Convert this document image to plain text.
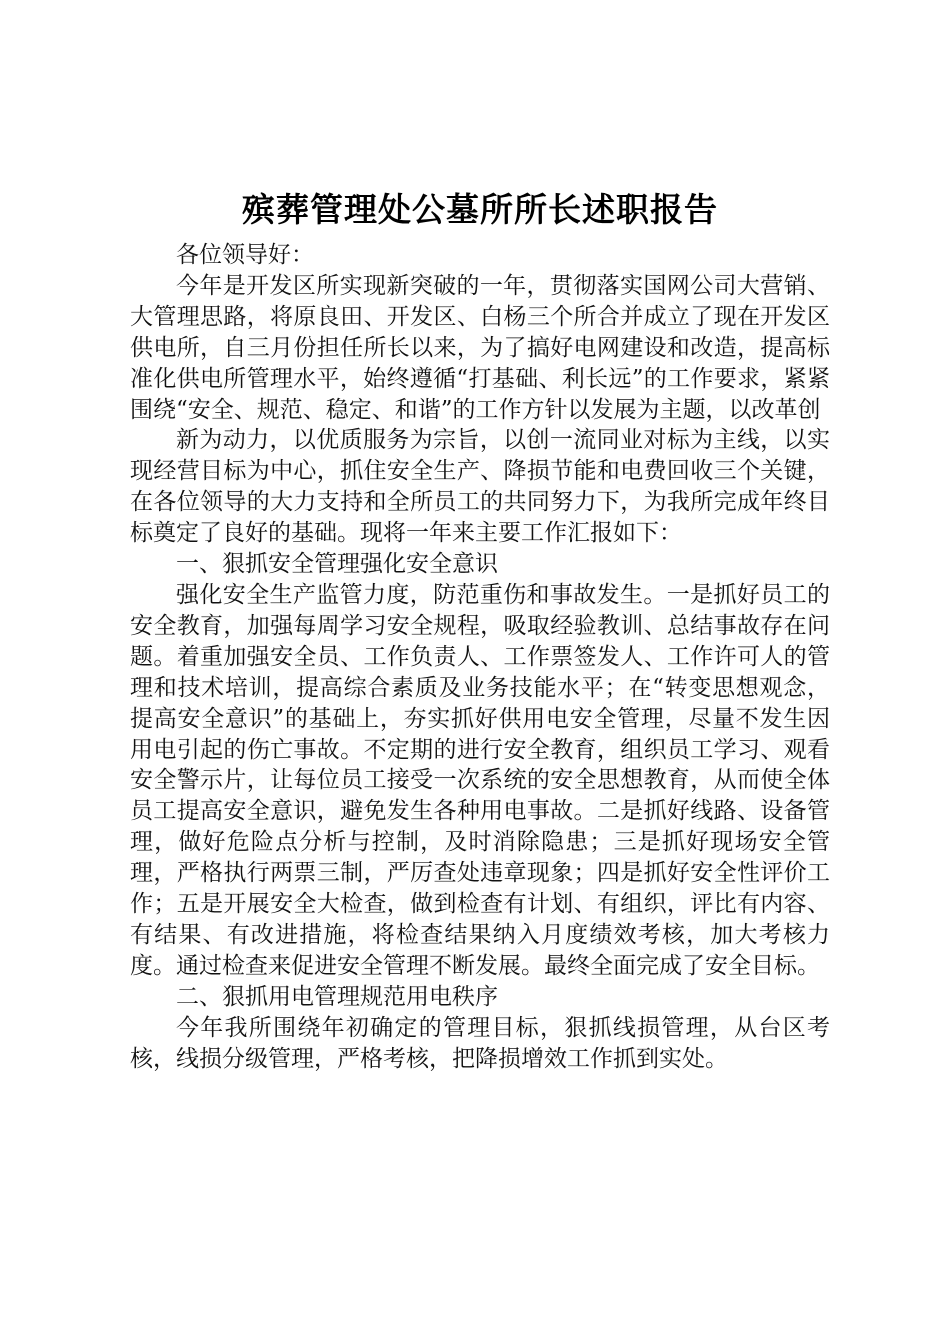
殡葬管理处公墓所所长述职报告

各位领导好：

今年是开发区所实现新突破的一年，贯彻落实国网公司大营销、大管理思路，将原良田、开发区、白杨三个所合并成立了现在开发区供电所，自三月份担任所长以来，为了搞好电网建设和改造，提高标准化供电所管理水平，始终遵循“打基础、利长远”的工作要求，紧紧围绕“安全、规范、稳定、和谐”的工作方针以发展为主题，以改革创

新为动力，以优质服务为宗旨，以创一流同业对标为主线，以实现经营目标为中心，抓住安全生产、降损节能和电费回收三个关键，在各位领导的大力支持和全所员工的共同努力下，为我所完成年终目标奠定了良好的基础。现将一年来主要工作汇报如下：

一、狠抓安全管理强化安全意识

强化安全生产监管力度，防范重伤和事故发生。一是抓好员工的安全教育，加强每周学习安全规程，吸取经验教训、总结事故存在问题。着重加强安全员、工作负责人、工作票签发人、工作许可人的管理和技术培训，提高综合素质及业务技能水平；在“转变思想观念，提高安全意识”的基础上，夯实抓好供用电安全管理，尽量不发生因用电引起的伤亡事故。不定期的进行安全教育，组织员工学习、观看安全警示片，让每位员工接受一次系统的安全思想教育，从而使全体员工提高安全意识，避免发生各种用电事故。二是抓好线路、设备管理，做好危险点分析与控制，及时消除隐患；三是抓好现场安全管理，严格执行两票三制，严厉查处违章现象；四是抓好安全性评价工作；五是开展安全大检查，做到检查有计划、有组织，评比有内容、有结果、有改进措施，将检查结果纳入月度绩效考核，加大考核力度。通过检查来促进安全管理不断发展。最终全面完成了安全目标。

二、狠抓用电管理规范用电秩序

今年我所围绕年初确定的管理目标，狠抓线损管理，从台区考核，线损分级管理，严格考核，把降损增效工作抓到实处。
